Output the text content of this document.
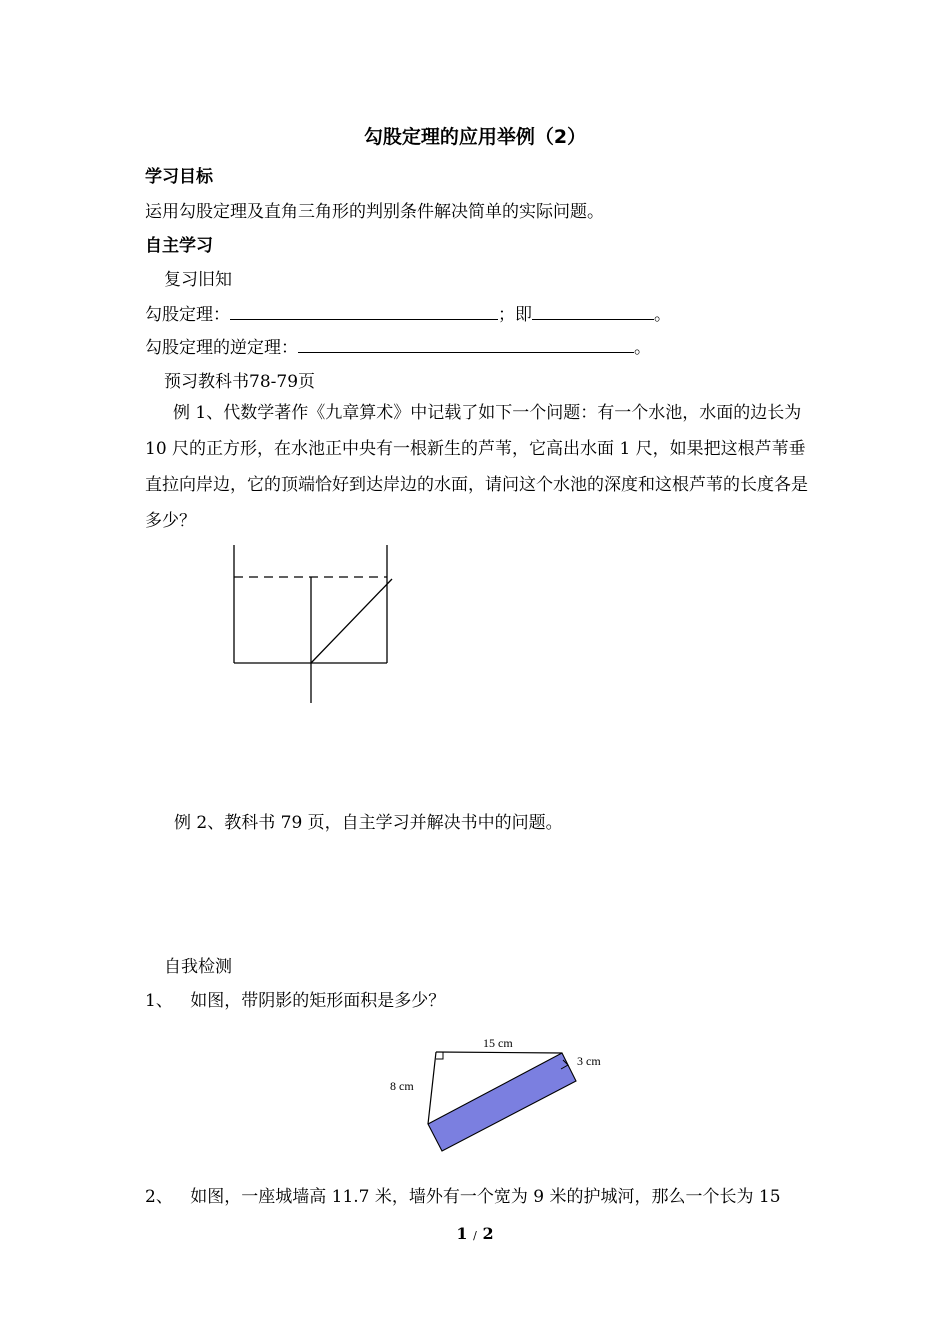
勾股定理的应用举例（2）
学习目标
运用勾股定理及直角三角形的判别条件解决简单的实际问题。
自主学习
复习旧知
勾股定理：	；即	。
勾股定理的逆定理：	。
预习教科书78-79页
例 1、代数学著作《九章算术》中记载了如下一个问题：有一个水池，水面的边长为 10 尺的正方形，在水池正中央有一根新生的芦苇，它高出水面 1 尺，如果把这根芦苇垂直拉向岸边，它的顶端恰好到达岸边的水面，请问这个水池的深度和这根芦苇的长度各是多少？
例 2、教科书 79 页，自主学习并解决书中的问题。
自我检测
1、 如图，带阴影的矩形面积是多少？
15 cm
8 cm
3 cm
2、 如图，一座城墙高 11.7 米，墙外有一个宽为 9 米的护城河，那么一个长为 15
1 / 2
